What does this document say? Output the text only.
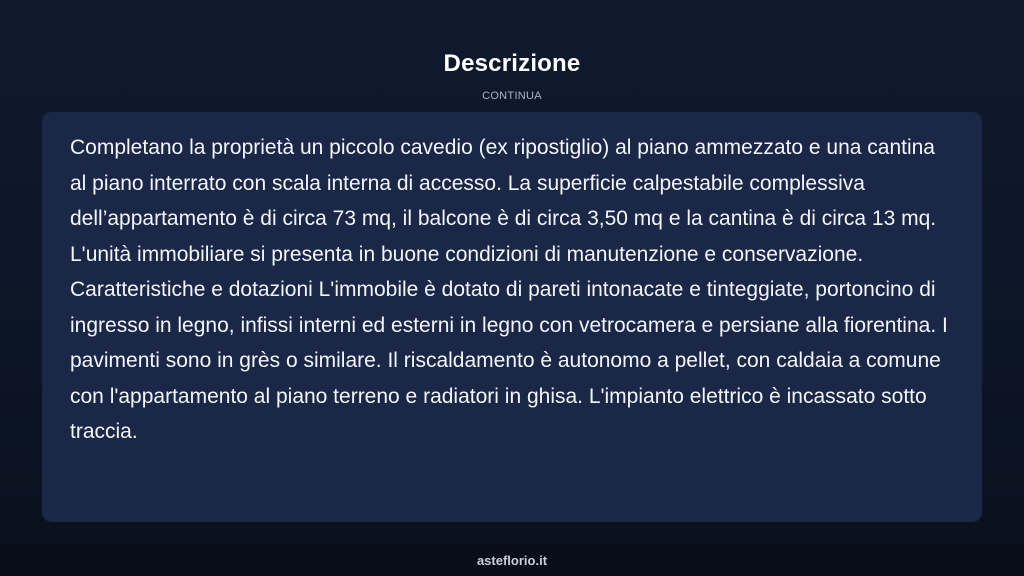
Descrizione
CONTINUA

Completano la proprietà un piccolo cavedio (ex ripostiglio) al piano ammezzato e una cantina al piano interrato con scala interna di accesso. La superficie calpestabile complessiva dell’appartamento è di circa 73 mq, il balcone è di circa 3,50 mq e la cantina è di circa 13 mq. L'unità immobiliare si presenta in buone condizioni di manutenzione e conservazione. Caratteristiche e dotazioni L'immobile è dotato di pareti intonacate e tinteggiate, portoncino di ingresso in legno, infissi interni ed esterni in legno con vetrocamera e persiane alla fiorentina. I pavimenti sono in grès o similare. Il riscaldamento è autonomo a pellet, con caldaia a comune con l'appartamento al piano terreno e radiatori in ghisa. L'impianto elettrico è incassato sotto traccia.

asteflorio.it
